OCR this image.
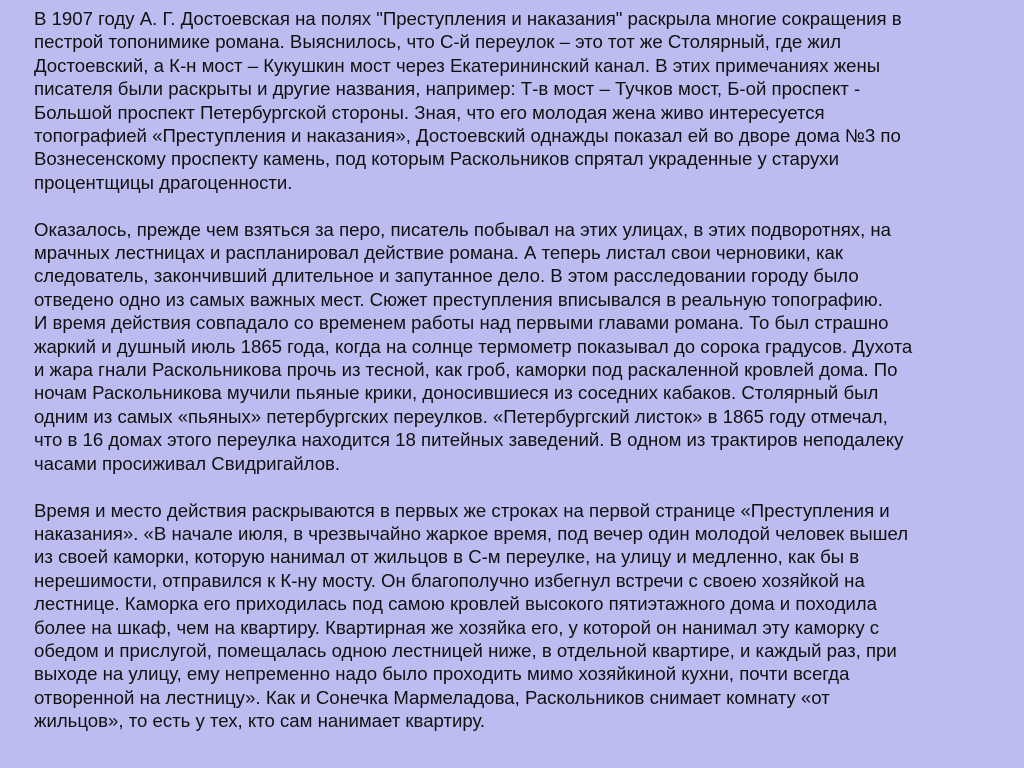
В 1907 году А. Г. Достоевская на полях "Преступления и наказания" раскрыла многие сокращения в
пестрой топонимике романа. Выяснилось, что С-й переулок – это тот же Столярный, где жил
Достоевский, а К-н мост – Кукушкин мост через Екатерининский канал. В этих примечаниях жены
писателя были раскрыты и другие названия, например: Т-в мост – Тучков мост, Б-ой проспект -
Большой проспект Петербургской стороны. Зная, что его молодая жена живо интересуется
топографией «Преступления и наказания», Достоевский однажды показал ей во дворе дома №3 по
Вознесенскому проспекту камень, под которым Раскольников спрятал украденные у старухи
процентщицы драгоценности.

Оказалось, прежде чем взяться за перо, писатель побывал на этих улицах, в этих подворотнях, на
мрачных лестницах и распланировал действие романа. А теперь листал свои черновики, как
следователь, закончивший длительное и запутанное дело. В этом расследовании городу было
отведено одно из самых важных мест. Сюжет преступления вписывался в реальную топографию.
И время действия совпадало со временем работы над первыми главами романа. То был страшно
жаркий и душный июль 1865 года, когда на солнце термометр показывал до сорока градусов. Духота
и жара гнали Раскольникова прочь из тесной, как гроб, каморки под раскаленной кровлей дома. По
ночам Раскольникова мучили пьяные крики, доносившиеся из соседних кабаков. Столярный был
одним из самых «пьяных» петербургских переулков. «Петербургский листок» в 1865 году отмечал,
что в 16 домах этого переулка находится 18 питейных заведений. В одном из трактиров неподалеку
часами просиживал Свидригайлов.

Время и место действия раскрываются в первых же строках на первой странице «Преступления и
наказания». «В начале июля, в чрезвычайно жаркое время, под вечер один молодой человек вышел
из своей каморки, которую нанимал от жильцов в С-м переулке, на улицу и медленно, как бы в
нерешимости, отправился к К-ну мосту. Он благополучно избегнул встречи с своею хозяйкой на
лестнице. Каморка его приходилась под самою кровлей высокого пятиэтажного дома и походила
более на шкаф, чем на квартиру. Квартирная же хозяйка его, у которой он нанимал эту каморку с
обедом и прислугой, помещалась одною лестницей ниже, в отдельной квартире, и каждый раз, при
выходе на улицу, ему непременно надо было проходить мимо хозяйкиной кухни, почти всегда
отворенной на лестницу». Как и Сонечка Мармеладова, Раскольников снимает комнату «от
жильцов», то есть у тех, кто сам нанимает квартиру.
